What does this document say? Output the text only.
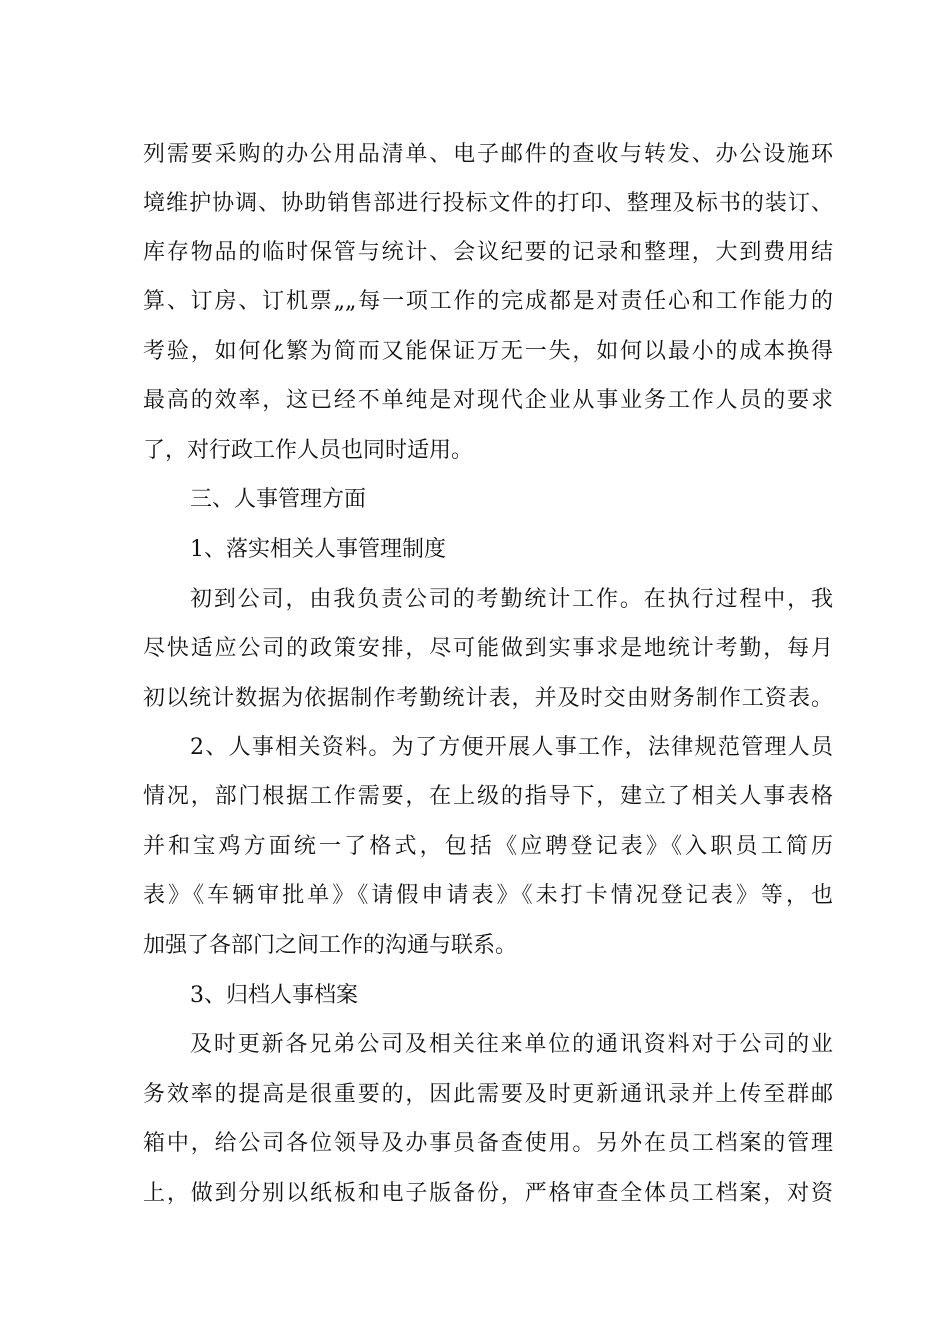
列需要采购的办公用品清单、电子邮件的查收与转发、办公设施环
境维护协调、协助销售部进行投标文件的打印、整理及标书的装订、
库存物品的临时保管与统计、会议纪要的记录和整理，大到费用结
算、订房、订机票„„每一项工作的完成都是对责任心和工作能力的
考验，如何化繁为简而又能保证万无一失，如何以最小的成本换得
最高的效率，这已经不单纯是对现代企业从事业务工作人员的要求
了，对行政工作人员也同时适用。
三、人事管理方面
1、落实相关人事管理制度
初到公司，由我负责公司的考勤统计工作。在执行过程中，我
尽快适应公司的政策安排，尽可能做到实事求是地统计考勤，每月
初以统计数据为依据制作考勤统计表，并及时交由财务制作工资表。
2、人事相关资料。为了方便开展人事工作，法律规范管理人员
情况，部门根据工作需要，在上级的指导下，建立了相关人事表格
并和宝鸡方面统一了格式，包括《应聘登记表》《入职员工简历
表》《车辆审批单》《请假申请表》《未打卡情况登记表》等，也
加强了各部门之间工作的沟通与联系。
3、归档人事档案
及时更新各兄弟公司及相关往来单位的通讯资料对于公司的业
务效率的提高是很重要的，因此需要及时更新通讯录并上传至群邮
箱中，给公司各位领导及办事员备查使用。另外在员工档案的管理
上，做到分别以纸板和电子版备份，严格审查全体员工档案，对资
